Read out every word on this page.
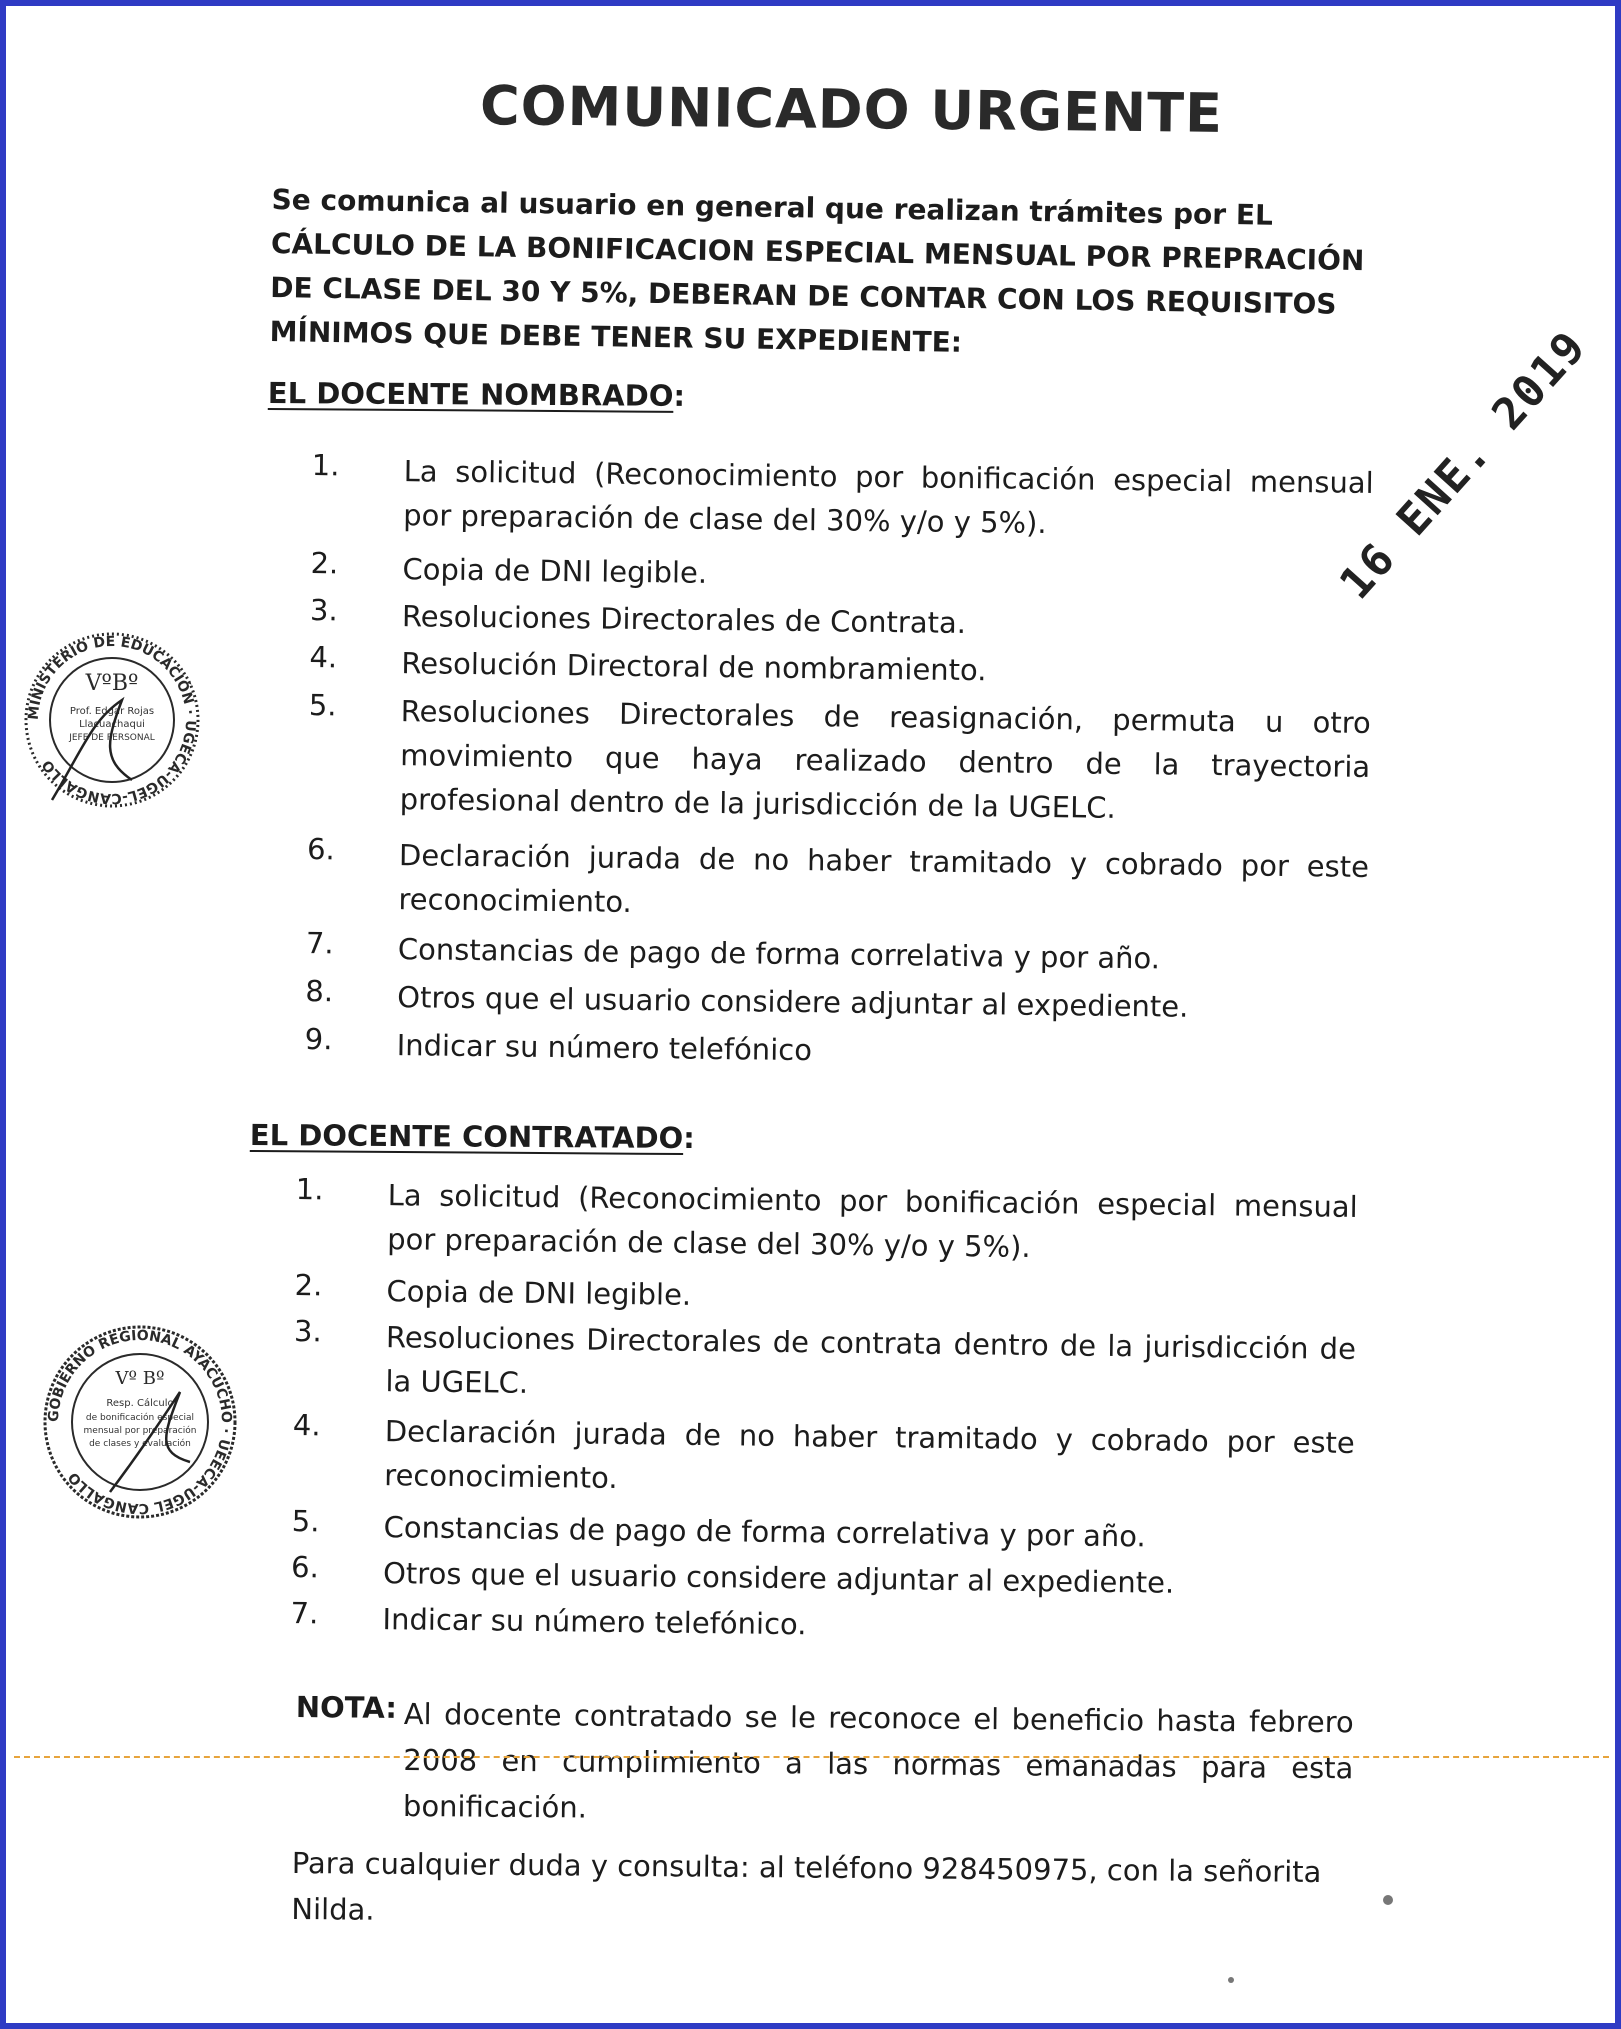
COMUNICADO URGENTE
Se comunica al usuario en general que realizan trámites por EL CÁLCULO DE LA BONIFICACION ESPECIAL MENSUAL POR PREPRACIÓN DE CLASE DEL 30 Y 5%, DEBERAN DE CONTAR CON LOS REQUISITOS MÍNIMOS QUE DEBE TENER SU EXPEDIENTE:
EL DOCENTE NOMBRADO:
1. La solicitud (Reconocimiento por bonificación especial mensual por preparación de clase del 30% y/o y 5%).
2. Copia de DNI legible.
3. Resoluciones Directorales de Contrata.
4. Resolución Directoral de nombramiento.
5. Resoluciones Directorales de reasignación, permuta u otro movimiento que haya realizado dentro de la trayectoria profesional dentro de la jurisdicción de la UGELC.
6. Declaración jurada de no haber tramitado y cobrado por este reconocimiento.
7. Constancias de pago de forma correlativa y por año.
8. Otros que el usuario considere adjuntar al expediente.
9. Indicar su número telefónico
EL DOCENTE CONTRATADO:
1. La solicitud (Reconocimiento por bonificación especial mensual por preparación de clase del 30% y/o y 5%).
2. Copia de DNI legible.
3. Resoluciones Directorales de contrata dentro de la jurisdicción de la UGELC.
4. Declaración jurada de no haber tramitado y cobrado por este reconocimiento.
5. Constancias de pago de forma correlativa y por año.
6. Otros que el usuario considere adjuntar al expediente.
7. Indicar su número telefónico.
NOTA: Al docente contratado se le reconoce el beneficio hasta febrero 2008 en cumplimiento a las normas emanadas para esta bonificación.
Para cualquier duda y consulta: al teléfono 928450975, con la señorita Nilda.
16 ENE. 2019
MINISTERIO DE EDUCACIÓN · UGECA-UGEL-CANGALLO
VºBº
Prof. Edgar Rojas
Llacuachaqui
JEFE DE PERSONAL
GOBIERNO REGIONAL AYACUCHO · UEECA-UGEL CANGALLO
Vº Bº
Resp. Cálculo
de bonificación especial
mensual por preparación
de clases y evaluación
